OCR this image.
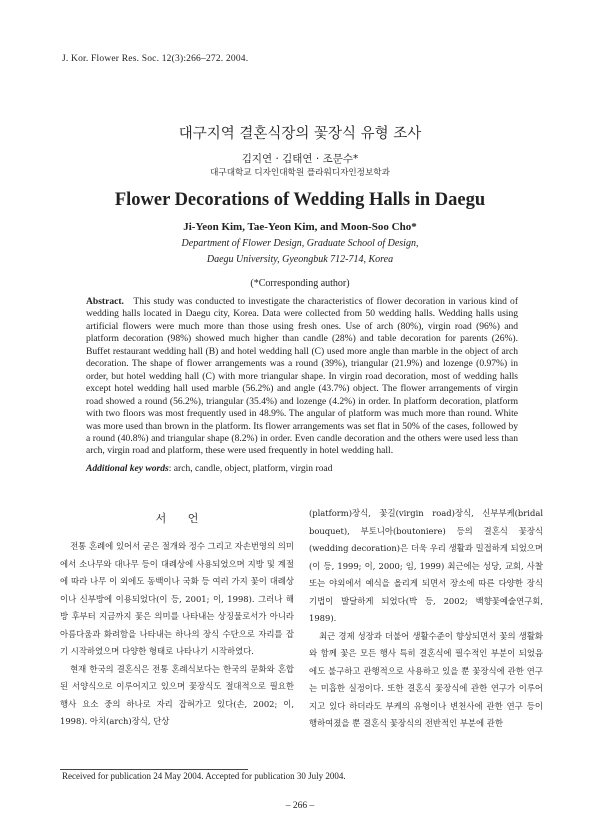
J. Kor. Flower Res. Soc. 12(3):266–272. 2004.
대구지역 결혼식장의 꽃장식 유형 조사
김지연 · 김태연 · 조문수*
대구대학교 디자인대학원 플라워디자인정보학과
Flower Decorations of Wedding Halls in Daegu
Ji-Yeon Kim, Tae-Yeon Kim, and Moon-Soo Cho*
Department of Flower Design, Graduate School of Design,
Daegu University, Gyeongbuk 712-714, Korea
(*Corresponding author)
Abstract. This study was conducted to investigate the characteristics of flower decoration in various kind of wedding halls located in Daegu city, Korea. Data were collected from 50 wedding halls. Wedding halls using artificial flowers were much more than those using fresh ones. Use of arch (80%), virgin road (96%) and platform decoration (98%) showed much higher than candle (28%) and table decoration for parents (26%). Buffet restaurant wedding hall (B) and hotel wedding hall (C) used more angle than marble in the object of arch decoration. The shape of flower arrangements was a round (39%), triangular (21.9%) and lozenge (0.97%) in order, but hotel wedding hall (C) with more triangular shape. In virgin road decoration, most of wedding halls except hotel wedding hall used marble (56.2%) and angle (43.7%) object. The flower arrangements of virgin road showed a round (56.2%), triangular (35.4%) and lozenge (4.2%) in order. In platform decoration, platform with two floors was most frequently used in 48.9%. The angular of platform was much more than round. White was more used than brown in the platform. Its flower arrangements was set flat in 50% of the cases, followed by a round (40.8%) and triangular shape (8.2%) in order. Even candle decoration and the others were used less than arch, virgin road and platform, these were used frequently in hotel wedding hall.
Additional key words: arch, candle, object, platform, virgin road
서 언

전통 혼례에 있어서 굳은 절개와 정수 그리고 자손번영의 의미에서 소나무와 대나무 등이 대례상에 사용되었으며 지방 및 계절에 따라 나무 이 외에도 동백이나 국화 등 여러 가지 꽃이 대례상이나 신부방에 이용되었다(이 등, 2001; 이, 1998). 그러나 해방 후부터 지금까지 꽃은 의미를 나타내는 상징물로서가 아니라 아름다움과 화려함을 나타내는 하나의 장식 수단으로 자리를 잡기 시작하였으며 다양한 형태로 나타나기 시작하였다.

현재 한국의 결혼식은 전통 혼례식보다는 한국의 문화와 혼합된 서양식으로 이루어지고 있으며 꽃장식도 절대적으로 필요한 행사 요소 중의 하나로 자리 잡혀가고 있다(손, 2002; 이, 1998). 아치(arch)장식, 단상

(platform)장식, 꽃길(virgin road)장식, 신부부케(bridal bouquet), 부토니아(boutoniere) 등의 결혼식 꽃장식(wedding decoration)은 더욱 우리 생활과 밀접하게 되었으며(이 등, 1999; 이, 2000; 임, 1999) 최근에는 성당, 교회, 사찰 또는 야외에서 예식을 올리게 되면서 장소에 따른 다양한 장식 기법이 발달하게 되었다(박 등, 2002; 백향꽃예술연구회, 1989).

최근 경제 성장과 더불어 생활수준이 향상되면서 꽃의 생활화와 함께 꽃은 모든 행사 특히 결혼식에 필수적인 부분이 되었음에도 불구하고 관행적으로 사용하고 있을 뿐 꽃장식에 관한 연구는 미흡한 실정이다. 또한 결혼식 꽃장식에 관한 연구가 이루어지고 있다 하더라도 부케의 유형이나 변천사에 관한 연구 등이 행하여졌을 뿐 결혼식 꽃장식의 전반적인 부분에 관한

Received for publication 24 May 2004. Accepted for publication 30 July 2004.
– 266 –
